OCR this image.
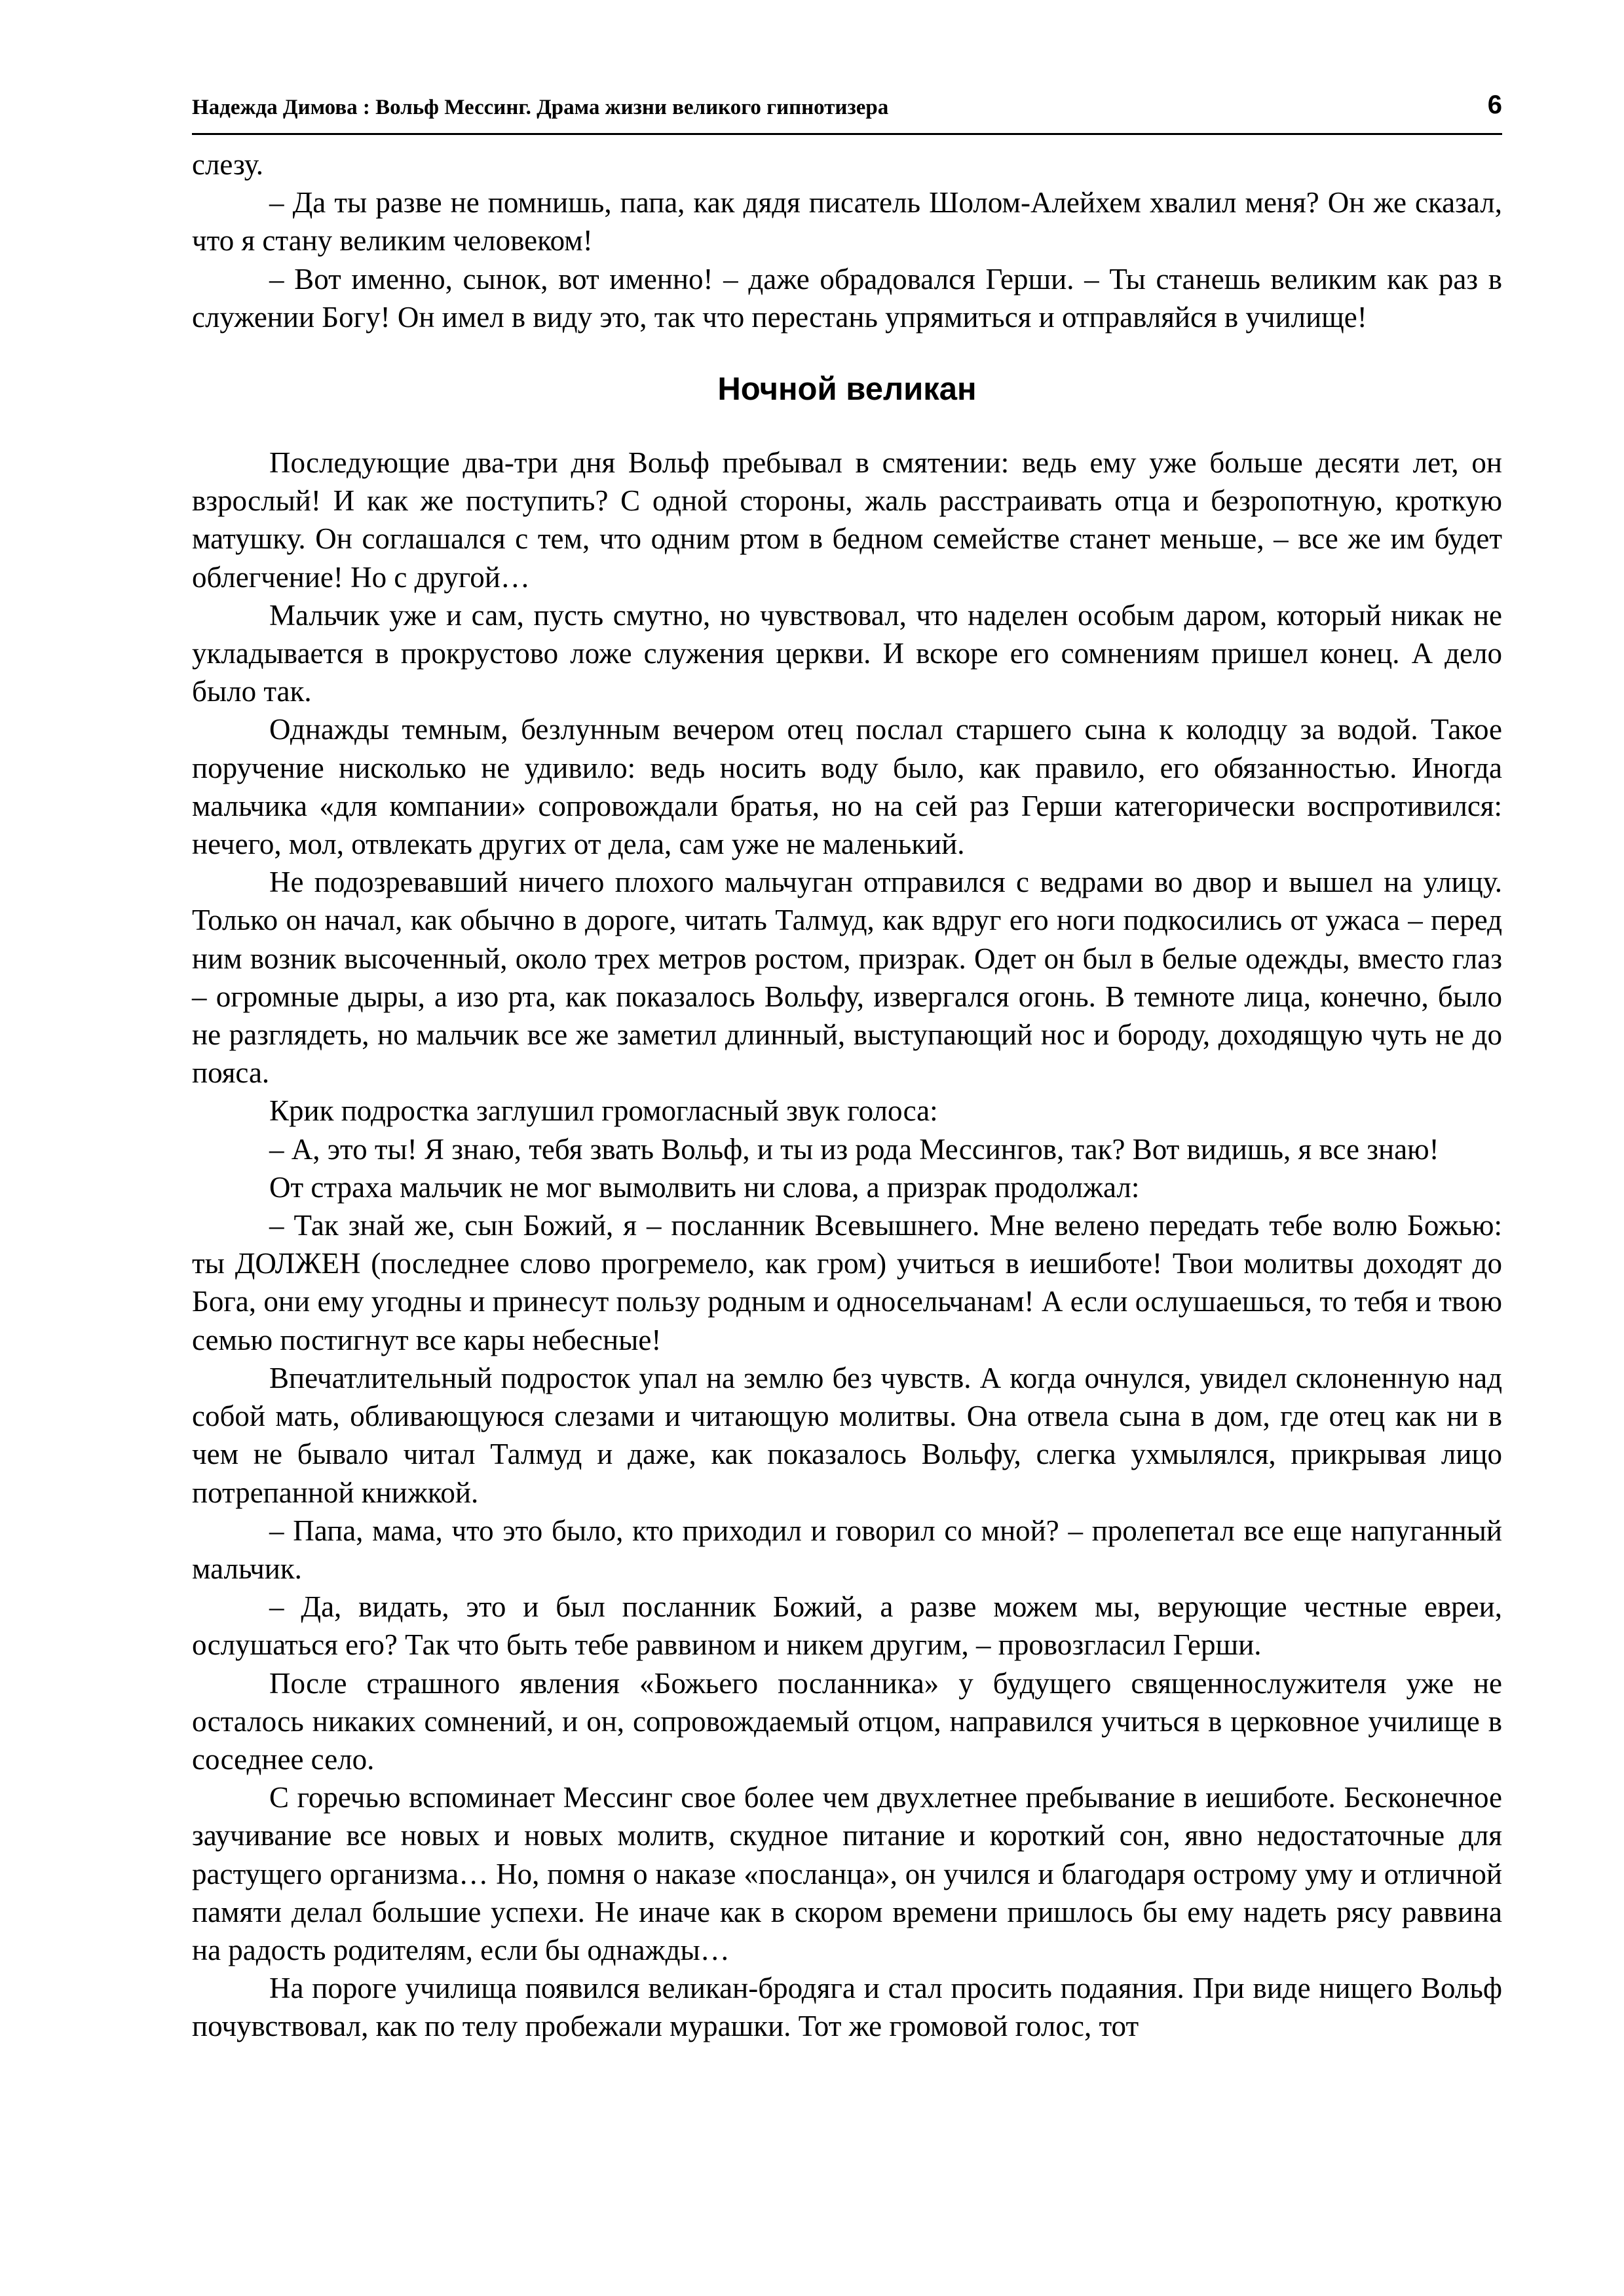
Надежда Димова : Вольф Мессинг. Драма жизни великого гипнотизера	6

слезу.

– Да ты разве не помнишь, папа, как дядя писатель Шолом-Алейхем хвалил меня? Он же сказал, что я стану великим человеком!

– Вот именно, сынок, вот именно! – даже обрадовался Герши. – Ты станешь великим как раз в служении Богу! Он имел в виду это, так что перестань упрямиться и отправляйся в училище!

Ночной великан

Последующие два-три дня Вольф пребывал в смятении: ведь ему уже больше десяти лет, он взрослый! И как же поступить? С одной стороны, жаль расстраивать отца и безропотную, кроткую матушку. Он соглашался с тем, что одним ртом в бедном семействе станет меньше, – все же им будет облегчение! Но с другой…

Мальчик уже и сам, пусть смутно, но чувствовал, что наделен особым даром, который никак не укладывается в прокрустово ложе служения церкви. И вскоре его сомнениям пришел конец. А дело было так.

Однажды темным, безлунным вечером отец послал старшего сына к колодцу за водой. Такое поручение нисколько не удивило: ведь носить воду было, как правило, его обязанностью. Иногда мальчика «для компании» сопровождали братья, но на сей раз Герши категорически воспротивился: нечего, мол, отвлекать других от дела, сам уже не маленький.

Не подозревавший ничего плохого мальчуган отправился с ведрами во двор и вышел на улицу. Только он начал, как обычно в дороге, читать Талмуд, как вдруг его ноги подкосились от ужаса – перед ним возник высоченный, около трех метров ростом, призрак. Одет он был в белые одежды, вместо глаз – огромные дыры, а изо рта, как показалось Вольфу, извергался огонь. В темноте лица, конечно, было не разглядеть, но мальчик все же заметил длинный, выступающий нос и бороду, доходящую чуть не до пояса.

Крик подростка заглушил громогласный звук голоса:

– А, это ты! Я знаю, тебя звать Вольф, и ты из рода Мессингов, так? Вот видишь, я все знаю!

От страха мальчик не мог вымолвить ни слова, а призрак продолжал:

– Так знай же, сын Божий, я – посланник Всевышнего. Мне велено передать тебе волю Божью: ты ДОЛЖЕН (последнее слово прогремело, как гром) учиться в иешиботе! Твои молитвы доходят до Бога, они ему угодны и принесут пользу родным и односельчанам! А если ослушаешься, то тебя и твою семью постигнут все кары небесные!

Впечатлительный подросток упал на землю без чувств. А когда очнулся, увидел склоненную над собой мать, обливающуюся слезами и читающую молитвы. Она отвела сына в дом, где отец как ни в чем не бывало читал Талмуд и даже, как показалось Вольфу, слегка ухмылялся, прикрывая лицо потрепанной книжкой.

– Папа, мама, что это было, кто приходил и говорил со мной? – пролепетал все еще напуганный мальчик.

– Да, видать, это и был посланник Божий, а разве можем мы, верующие честные евреи, ослушаться его? Так что быть тебе раввином и никем другим, – провозгласил Герши.

После страшного явления «Божьего посланника» у будущего священнослужителя уже не осталось никаких сомнений, и он, сопровождаемый отцом, направился учиться в церковное училище в соседнее село.

С горечью вспоминает Мессинг свое более чем двухлетнее пребывание в иешиботе. Бесконечное заучивание все новых и новых молитв, скудное питание и короткий сон, явно недостаточные для растущего организма… Но, помня о наказе «посланца», он учился и благодаря острому уму и отличной памяти делал большие успехи. Не иначе как в скором времени пришлось бы ему надеть рясу раввина на радость родителям, если бы однажды…

На пороге училища появился великан-бродяга и стал просить подаяния. При виде нищего Вольф почувствовал, как по телу пробежали мурашки. Тот же громовой голос, тот
